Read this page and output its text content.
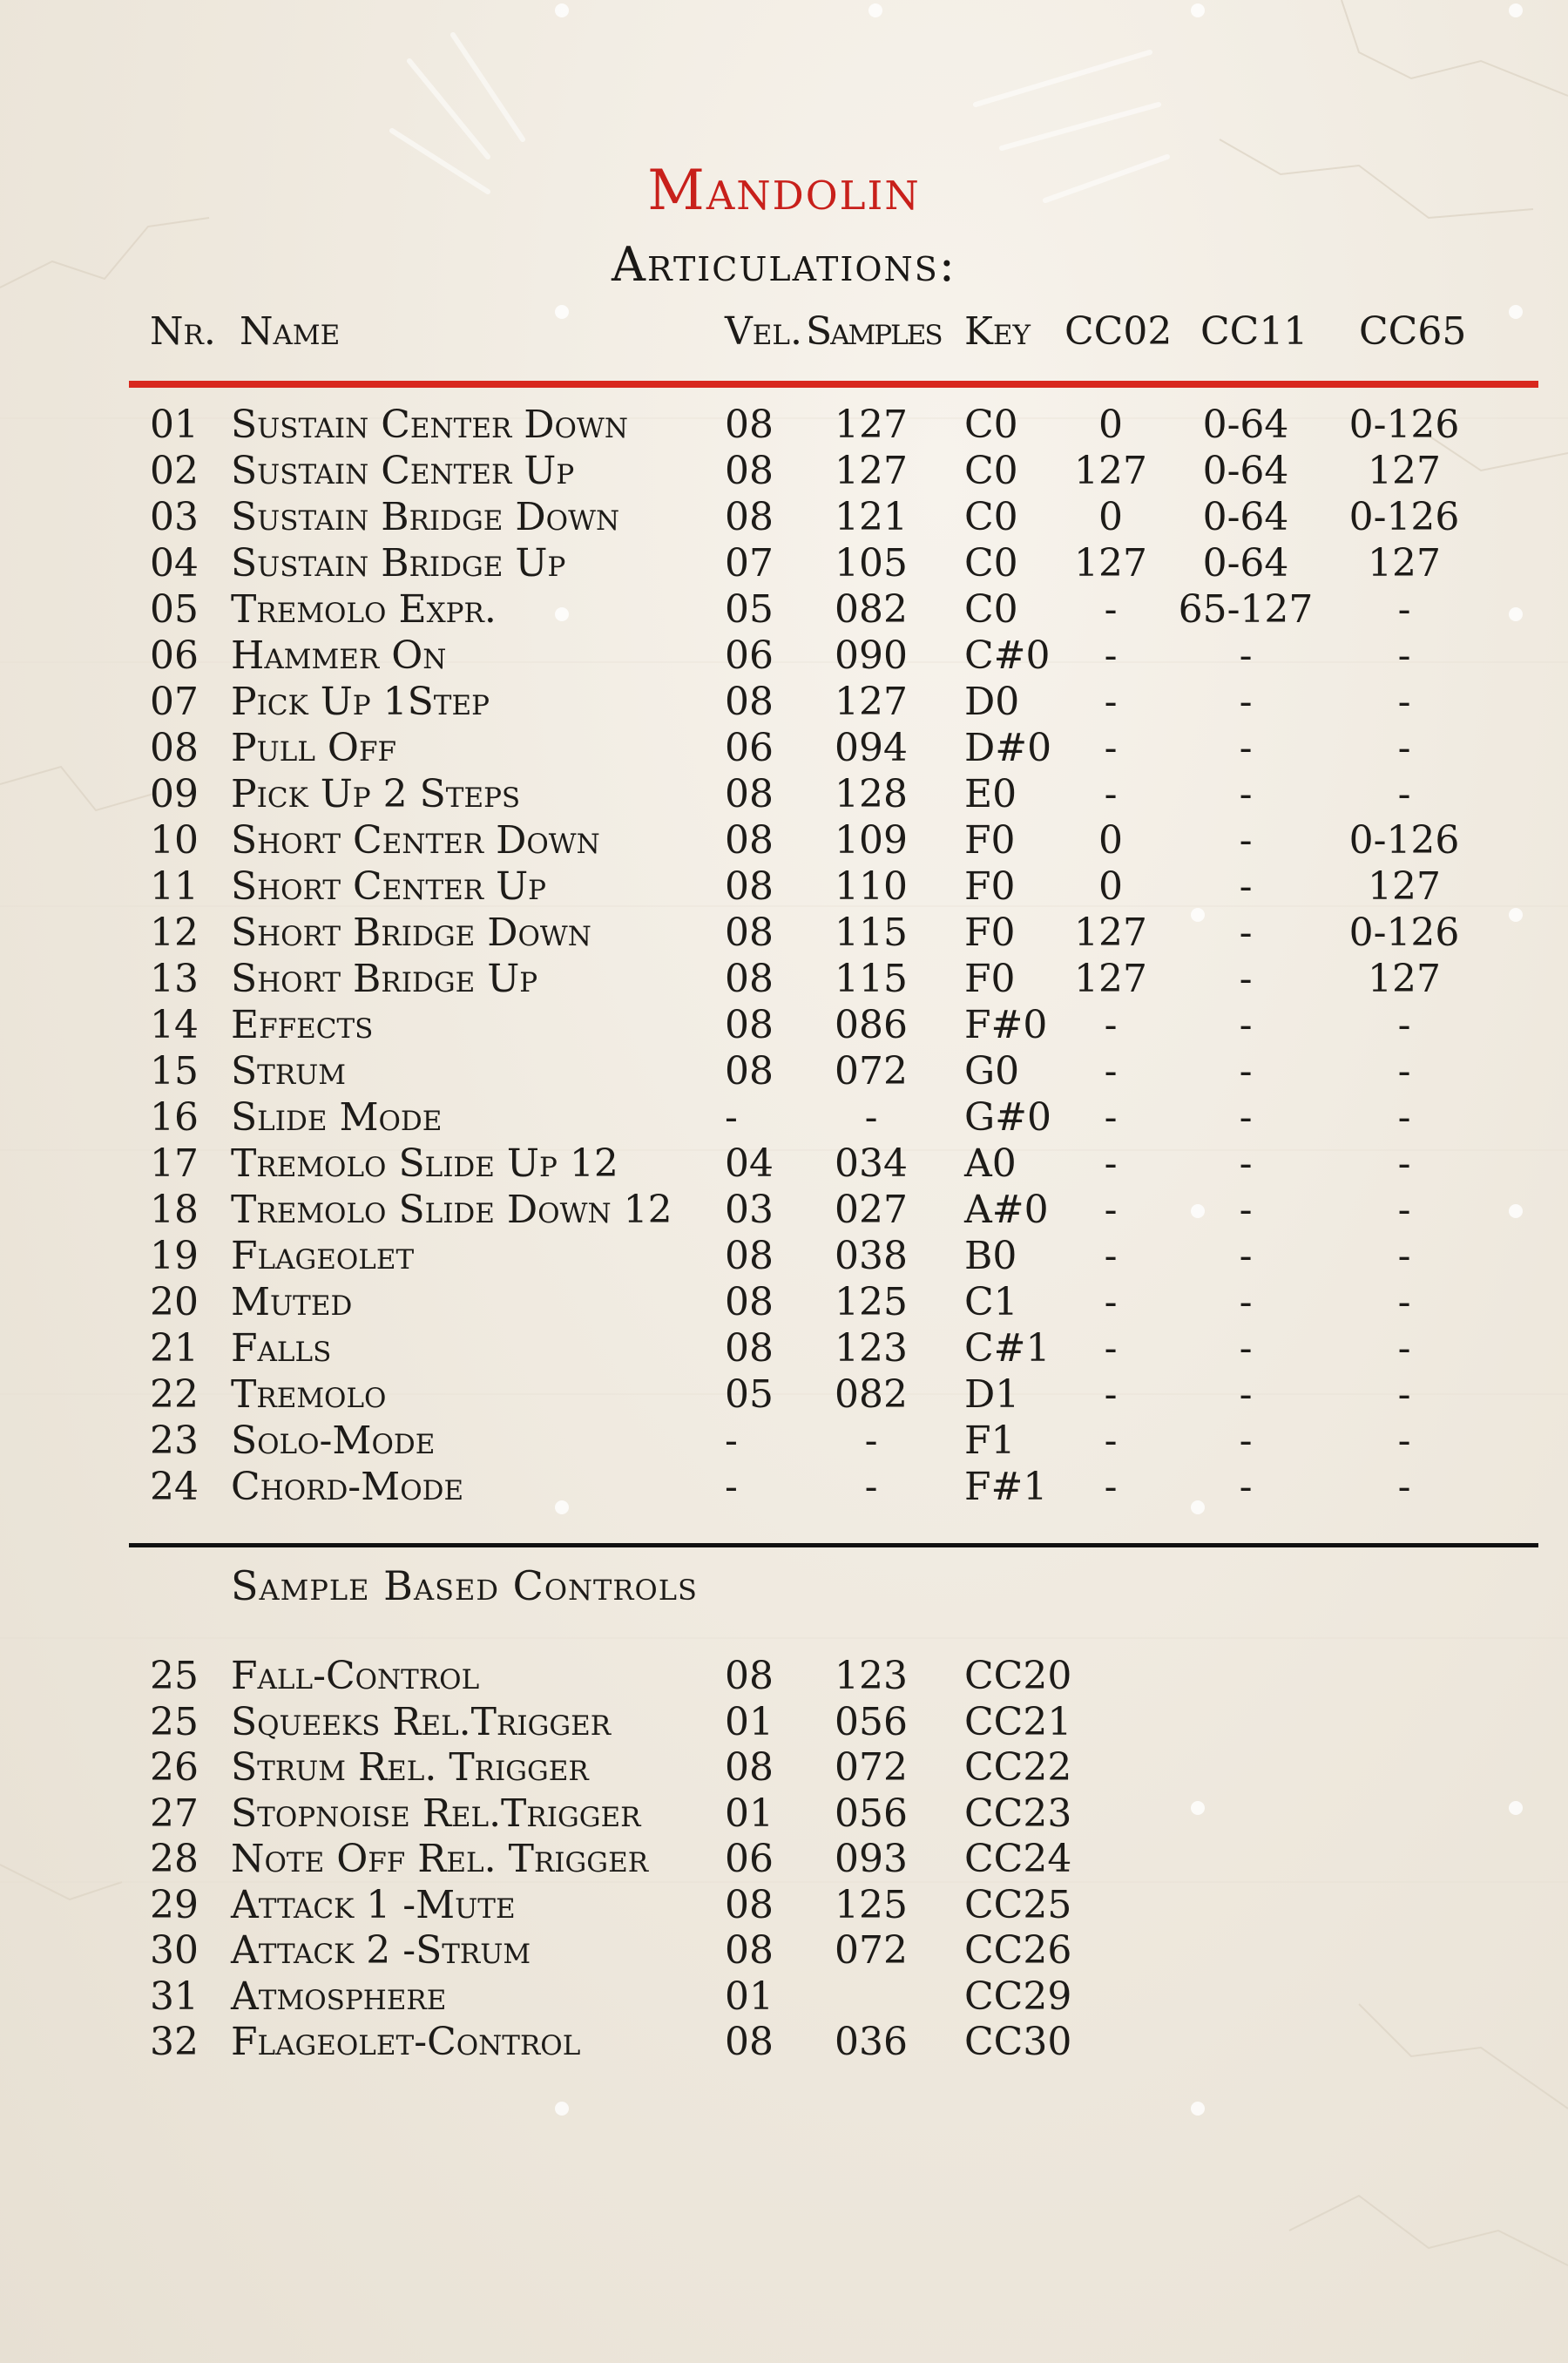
Mandolin
Articulations:
Nr. Name	Vel. Samples Key CC02 CC11 CC65
01 Sustain Center Down	08 127 C0 0 0-64 0-126
02 Sustain Center Up	08 127 C0 127 0-64 127
03 Sustain Bridge Down	08 121 C0 0 0-64 0-126
04 Sustain Bridge Up	07 105 C0 127 0-64 127
05 Tremolo Expr.	05 082 C0 - 65-127 -
06 Hammer On	06 090 C#0 -	-	-
07 Pick Up 1Step	08 127 D0 -	-	-
08 Pull Off	06 094 D#0 -	-	-
09 Pick Up 2 Steps	08 128 E0 -	-	-
10 Short Center Down	08 109 F0 0	-	0-126
11 Short Center Up	08 110 F0 0	-	127
12 Short Bridge Down	08 115 F0 127 -	0-126
13 Short Bridge Up	08 115 F0 127 -	127
14 Effects	08 086 F#0 -	-	-
15 Strum	08 072 G0 -	-	-
16 Slide Mode	-	- G#0 -	-	-
17 Tremolo Slide Up 12	04 034 A0 -	-	-
18 Tremolo Slide Down 12 03 027 A#0 -	-	-
19 Flageolet	08 038 B0 -	-	-
20 Muted	08 125 C1 -	-	-
21 Falls	08 123 C#1 -	-	-
22 Tremolo	05 082 D1 -	-	-
23 Solo-Mode	-	- F1 -	-	-
24 Chord-Mode	-	- F#1 -	-	-
Sample Based Controls
25 Fall-Control	08 123 CC20
25 Squeeks Rel.Trigger	01 056 CC21
26 Strum Rel. Trigger	08 072 CC22
27 Stopnoise Rel.Trigger 01 056 CC23
28 Note Off Rel. Trigger 06 093 CC24
29 Attack 1 -Mute	08 125 CC25
30 Attack 2 -Strum	08 072 CC26
31 Atmosphere	01	CC29
32 Flageolet-Control	08 036 CC30
